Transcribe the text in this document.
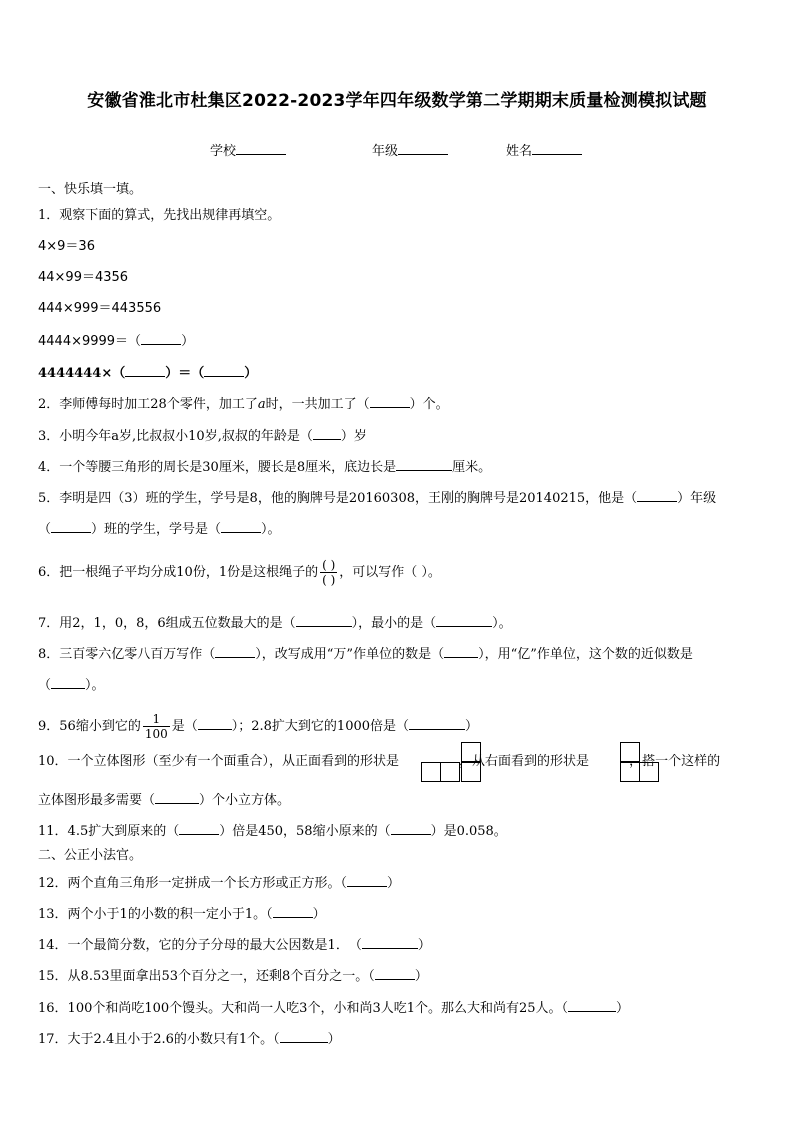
安徽省淮北市杜集区2022-2023学年四年级数学第二学期期末质量检测模拟试题
学校	年级	姓名
一、快乐填一填。
1．观察下面的算式，先找出规律再填空。
4×9＝36
44×99＝4356
444×999＝443556
4444×9999＝（	）
4444444×（	）＝（	）
2．李师傅每时加工28个零件，加工了a时，一共加工了（	）个。
3．小明今年a岁,比叔叔小10岁,叔叔的年龄是（ ）岁
4．一个等腰三角形的周长是30厘米，腰长是8厘米，底边长是	厘米。
5．李明是四（3）班的学生，学号是8，他的胸牌号是20160308，王刚的胸牌号是20140215，他是（	）年级
（	）班的学生，学号是（	）。
6．把一根绳子平均分成10份，1份是这根绳子的 $\frac{( )}{( )}$ ，可以写作（ ）。
7．用2，1，0，8，6组成五位数最大的是（	），最小的是（	）。
8．三百零六亿零八百万写作（	），改写成用“万”作单位的数是（	），用“亿”作单位，这个数的近似数是
（	）。
9．56缩小到它的 $\frac{1}{100}$ 是（	）；2.8扩大到它的1000倍是（	）
10．一个立体图形（至少有一个面重合），从正面看到的形状是	，从右面看到的形状是	，搭一个这样的
立体图形最多需要（	）个小立方体。
11．4.5扩大到原来的（	）倍是450，58缩小原来的（	）是0.058。
二、公正小法官。
12．两个直角三角形一定拼成一个长方形或正方形。（	）
13．两个小于1的小数的积一定小于1。（	）
14．一个最简分数，它的分子分母的最大公因数是1．　（	）
15．从8.53里面拿出53个百分之一，还剩8个百分之一。（	）
16．100个和尚吃100个馒头。大和尚一人吃3个，小和尚3人吃1个。那么大和尚有25人。（	）
17．大于2.4且小于2.6的小数只有1个。（	）
